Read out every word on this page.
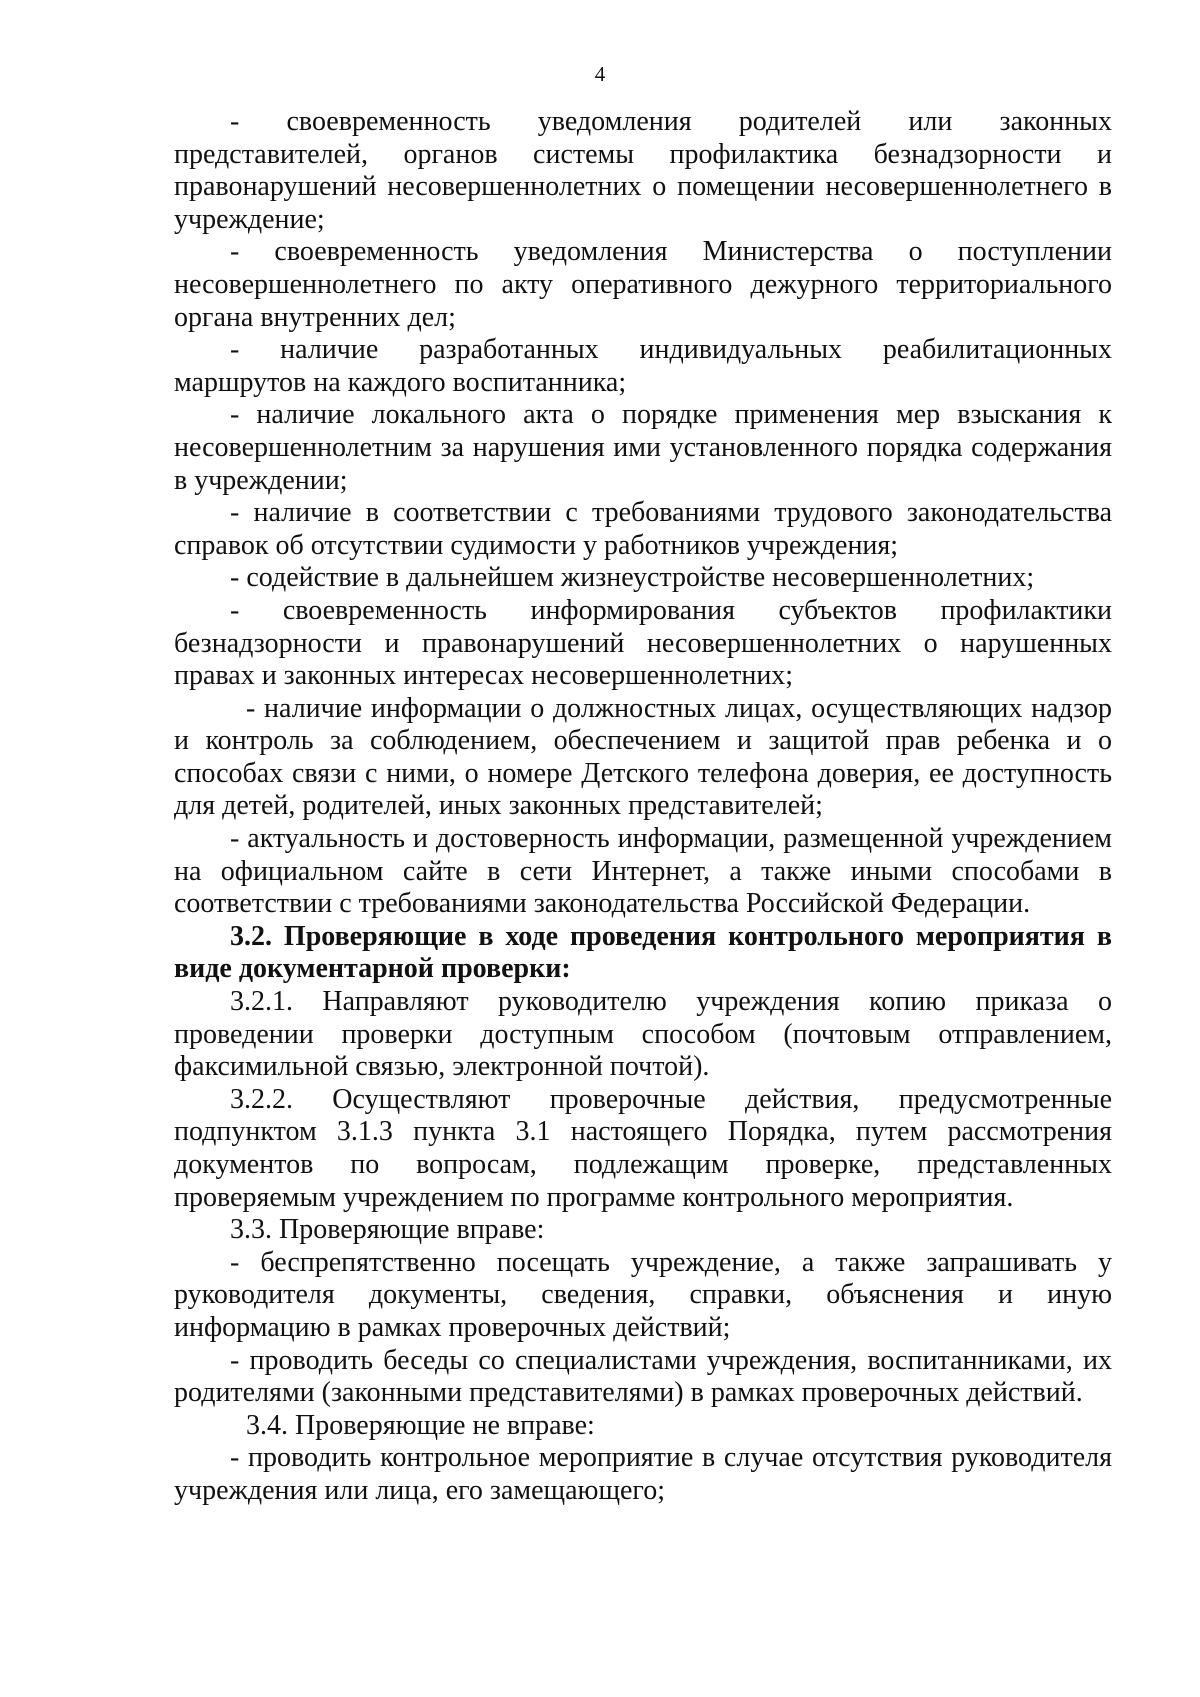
4

- своевременность уведомления родителей или законных представителей, органов системы профилактика безнадзорности и правонарушений несовершеннолетних о помещении несовершеннолетнего в учреждение;

- своевременность уведомления Министерства о поступлении несовершеннолетнего по акту оперативного дежурного территориального органа внутренних дел;

- наличие разработанных индивидуальных реабилитационных маршрутов на каждого воспитанника;

- наличие локального акта о порядке применения мер взыскания к несовершеннолетним за нарушения ими установленного порядка содержания в учреждении;

- наличие в соответствии с требованиями трудового законодательства справок об отсутствии судимости у работников учреждения;

- содействие в дальнейшем жизнеустройстве несовершеннолетних;

- своевременность информирования субъектов профилактики безнадзорности и правонарушений несовершеннолетних о нарушенных правах и законных интересах несовершеннолетних;

- наличие информации о должностных лицах, осуществляющих надзор и контроль за соблюдением, обеспечением и защитой прав ребенка и о способах связи с ними, о номере Детского телефона доверия, ее доступность для детей, родителей, иных законных представителей;

- актуальность и достоверность информации, размещенной учреждением на официальном сайте в сети Интернет, а также иными способами в соответствии с требованиями законодательства Российской Федерации.

3.2. Проверяющие в ходе проведения контрольного мероприятия в виде документарной проверки:

3.2.1. Направляют руководителю учреждения копию приказа о проведении проверки доступным способом (почтовым отправлением, факсимильной связью, электронной почтой).

3.2.2. Осуществляют проверочные действия, предусмотренные подпунктом 3.1.3 пункта 3.1 настоящего Порядка, путем рассмотрения документов по вопросам, подлежащим проверке, представленных проверяемым учреждением по программе контрольного мероприятия.

3.3. Проверяющие вправе:

- беспрепятственно посещать учреждение, а также запрашивать у руководителя документы, сведения, справки, объяснения и иную информацию в рамках проверочных действий;

- проводить беседы со специалистами учреждения, воспитанниками, их родителями (законными представителями) в рамках проверочных действий.

3.4. Проверяющие не вправе:

- проводить контрольное мероприятие в случае отсутствия руководителя учреждения или лица, его замещающего;
